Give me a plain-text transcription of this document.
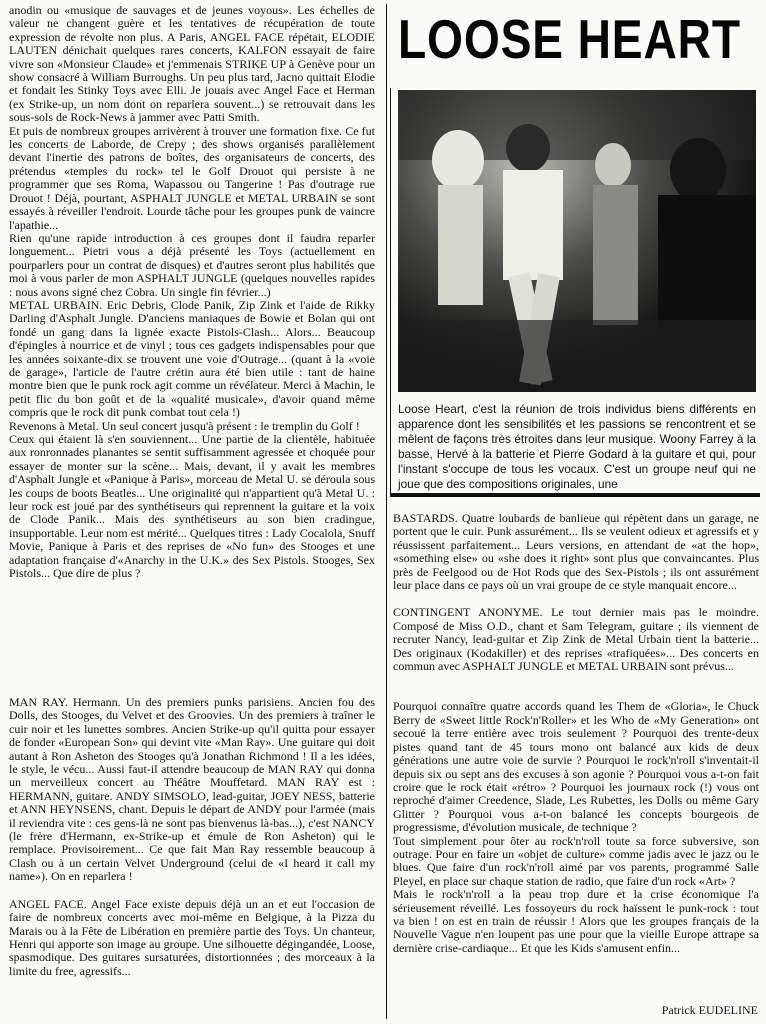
anodin ou «musique de sauvages et de jeunes voyous». Les échelles de valeur ne changent guère et les tentatives de récupération de toute expression de révolte non plus. A Paris, ANGEL FACE répétait, ELODIE LAUTEN dénichait quelques rares concerts, KALFON essayait de faire vivre son «Monsieur Claude» et j'emmenais STRIKE UP à Genève pour un show consacré à William Burroughs. Un peu plus tard, Jacno quittait Elodie et fondait les Stinky Toys avec Elli. Je jouais avec Angel Face et Herman (ex Strike-up, un nom dont on reparlera souvent...) se retrouvait dans les sous-sols de Rock-News à jammer avec Patti Smith.

Et puis de nombreux groupes arrivèrent à trouver une formation fixe. Ce fut les concerts de Laborde, de Crepy ; des shows organisés parallèlement devant l'inertie des patrons de boîtes, des organisateurs de concerts, des prétendus «temples du rock» tel le Golf Drouot qui persiste à ne programmer que ses Roma, Wapassou ou Tangerine ! Pas d'outrage rue Drouot ! Déjà, pourtant, ASPHALT JUNGLE et METAL URBAIN se sont essayés à réveiller l'endroit. Lourde tâche pour les groupes punk de vaincre l'apathie...

Rien qu'une rapide introduction à ces groupes dont il faudra reparler longuement... Pietri vous a déjà présenté les Toys (actuellement en pourparlers pour un contrat de disques) et d'autres seront plus habilités que moi à vous parler de mon ASPHALT JUNGLE (quelques nouvelles rapides : nous avons signé chez Cobra. Un single fin février...)

METAL URBAIN. Eric Debris, Clode Panik, Zip Zink et l'aide de Rikky Darling d'Asphalt Jungle. D'anciens maniaques de Bowie et Bolan qui ont fondé un gang dans la lignée exacte Pistols-Clash... Alors... Beaucoup d'épingles à nourrice et de vinyl ; tous ces gadgets indispensables pour que les années soixante-dix se trouvent une voie d'Outrage... (quant à la «voie de garage», l'article de l'autre crétin aura été bien utile : tant de haine montre bien que le punk rock agit comme un révélateur. Merci à Machin, le petit flic du bon goût et de la «qualité musicale», d'avoir quand même compris que le rock dit punk combat tout cela !)

Revenons à Metal. Un seul concert jusqu'à présent : le tremplin du Golf !

Ceux qui étaient là s'en souviennent... Une partie de la clientèle, habituée aux ronronnades planantes se sentit suffisamment agressée et choquée pour essayer de monter sur la scène... Mais, devant, il y avait les membres d'Asphalt Jungle et «Panique à Paris», morceau de Metal U. se déroula sous les coups de boots Beatles... Une originalité qui n'appartient qu'à Metal U. : leur rock est joué par des synthétiseurs qui reprennent la guitare et la voix de Clode Panik... Mais des synthétiseurs au son bien cradingue, insupportable. Leur nom est mérité... Quelques titres : Lady Cocalola, Snuff Movie, Panique à Paris et des reprises de «No fun» des Stooges et une adaptation française d'«Anarchy in the U.K.» des Sex Pistols. Stooges, Sex Pistols... Que dire de plus ?

MAN RAY. Hermann. Un des premiers punks parisiens. Ancien fou des Dolls, des Stooges, du Velvet et des Groovies. Un des premiers à traîner le cuir noir et les lunettes sombres. Ancien Strike-up qu'il quitta pour essayer de fonder «European Son» qui devint vite «Man Ray». Une guitare qui doit autant à Ron Asheton des Stooges qu'à Jonathan Richmond ! Il a les idées, le style, le vécu... Aussi faut-il attendre beaucoup de MAN RAY qui donna un merveilleux concert au Théâtre Mouffetard. MAN RAY est : HERMANN, guitare. ANDY SIMSOLO, lead-guitar, JOEY NESS, batterie et ANN HEYNSENS, chant. Depuis le départ de ANDY pour l'armée (mais il reviendra vite : ces gens-là ne sont pas bienvenus là-bas...), c'est NANCY (le frère d'Hermann, ex-Strike-up et émule de Ron Asheton) qui le remplace. Provisoirement... Ce que fait Man Ray ressemble beaucoup à Clash ou à un certain Velvet Underground (celui de «I heard it call my name»). On en reparlera !

ANGEL FACE. Angel Face existe depuis déjà un an et eut l'occasion de faire de nombreux concerts avec moi-même en Belgique, à la Pizza du Marais ou à la Fête de Libération en première partie des Toys. Un chanteur, Henri qui apporte son image au groupe. Une silhouette dégingandée, Loose, spasmodique. Des guitares sursaturées, distortionnées ; des morceaux à la limite du free, agressifs...

LOOSE HEART
Loose Heart, c'est la réunion de trois individus biens différents en apparence dont les sensibilités et les passions se rencontrent et se mêlent de façons très étroites dans leur musique. Woony Farrey à la basse, Hervé à la batterie et Pierre Godard à la guitare et qui, pour l'instant s'occupe de tous les vocaux. C'est un groupe neuf qui ne joue que des compositions originales, une

BASTARDS. Quatre loubards de banlieue qui répètent dans un garage, ne portent que le cuir. Punk assurément... Ils se veulent odieux et agressifs et y réussissent parfaitement... Leurs versions, en attendant de «at the hop», «something else» ou «she does it right» sont plus que convaincantes. Plus près de Feelgood ou de Hot Rods que des Sex-Pistols ; ils ont assurément leur place dans ce pays où un vrai groupe de ce style manquait encore...

CONTINGENT ANONYME. Le tout dernier mais pas le moindre. Composé de Miss O.D., chant et Sam Telegram, guitare ; ils viennent de recruter Nancy, lead-guitar et Zip Zink de Metal Urbain tient la batterie... Des originaux (Kodakiller) et des reprises «trafiquées»... Des concerts en commun avec ASPHALT JUNGLE et METAL URBAIN sont prévus...

Pourquoi connaître quatre accords quand les Them de «Gloria», le Chuck Berry de «Sweet little Rock'n'Roller» et les Who de «My Generation» ont secoué la terre entière avec trois seulement ? Pourquoi des trente-deux pistes quand tant de 45 tours mono ont balancé aux kids de deux générations une autre voie de survie ? Pourquoi le rock'n'roll s'inventait-il depuis six ou sept ans des excuses à son agonie ? Pourquoi vous a-t-on fait croire que le rock était «rétro» ? Pourquoi les journaux rock (!) vous ont reproché d'aimer Creedence, Slade, Les Rubettes, les Dolls ou même Gary Glitter ? Pourquoi vous a-t-on balancé les concepts bourgeois de progressisme, d'évolution musicale, de technique ?

Tout simplement pour ôter au rock'n'roll toute sa force subversive, son outrage. Pour en faire un «objet de culture» comme jadis avec le jazz ou le blues. Que faire d'un rock'n'roll aimé par vos parents, programmé Salle Pleyel, en place sur chaque station de radio, que faire d'un rock «Art» ?

Mais le rock'n'roll a la peau trop dure et la crise économique l'a sérieusement réveillé. Les fossoyeurs du rock haïssent le punk-rock : tout va bien ! on est en train de réussir ! Alors que les groupes français de la Nouvelle Vague n'en loupent pas une pour que la vieille Europe attrape sa dernière crise-cardiaque... Et que les Kids s'amusent enfin...

Patrick EUDELINE
